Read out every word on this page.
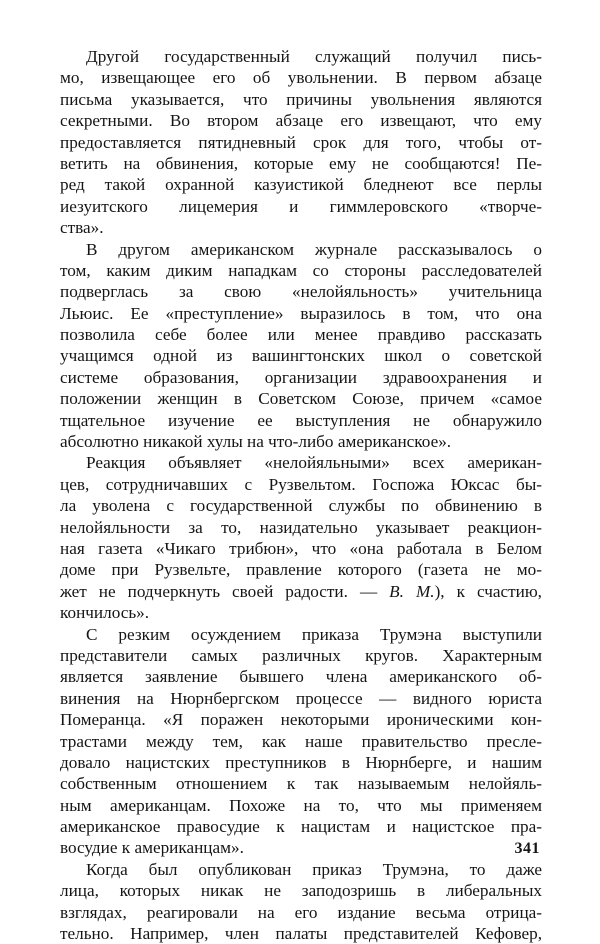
Другой государственный служащий получил пись-
мо, извещающее его об увольнении. В первом абзаце
письма указывается, что причины увольнения являются
секретными. Во втором абзаце его извещают, что ему
предоставляется пятидневный срок для того, чтобы от-
ветить на обвинения, которые ему не сообщаются! Пе-
ред такой охранной казуистикой бледнеют все перлы
иезуитского лицемерия и гиммлеровского «творче-
ства».
В другом американском журнале рассказывалось о
том, каким диким нападкам со стороны расследователей
подверглась за свою «нелойяльность» учительница
Льюис. Ее «преступление» выразилось в том, что она
позволила себе более или менее правдиво рассказать
учащимся одной из вашингтонских школ о советской
системе образования, организации здравоохранения и
положении женщин в Советском Союзе, причем «самое
тщательное изучение ее выступления не обнаружило
абсолютно никакой хулы на что-либо американское».
Реакция объявляет «нелойяльными» всех американ-
цев, сотрудничавших с Рузвельтом. Госпожа Юксас бы-
ла уволена с государственной службы по обвинению в
нелойяльности за то, назидательно указывает реакцион-
ная газета «Чикаго трибюн», что «она работала в Белом
доме при Рузвельте, правление которого (газета не мо-
жет не подчеркнуть своей радости. — В. М.), к счастию,
кончилось».
С резким осуждением приказа Трумэна выступили
представители самых различных кругов. Характерным
является заявление бывшего члена американского об-
винения на Нюрнбергском процессе — видного юриста
Померанца. «Я поражен некоторыми ироническими кон-
трастами между тем, как наше правительство пресле-
довало нацистских преступников в Нюрнберге, и нашим
собственным отношением к так называемым нелойяль-
ным американцам. Похоже на то, что мы применяем
американское правосудие к нацистам и нацистское пра-
восудие к американцам».
Когда был опубликован приказ Трумэна, то даже
лица, которых никак не заподозришь в либеральных
взглядах, реагировали на его издание весьма отрица-
тельно. Например, член палаты представителей Кефовер,
341
